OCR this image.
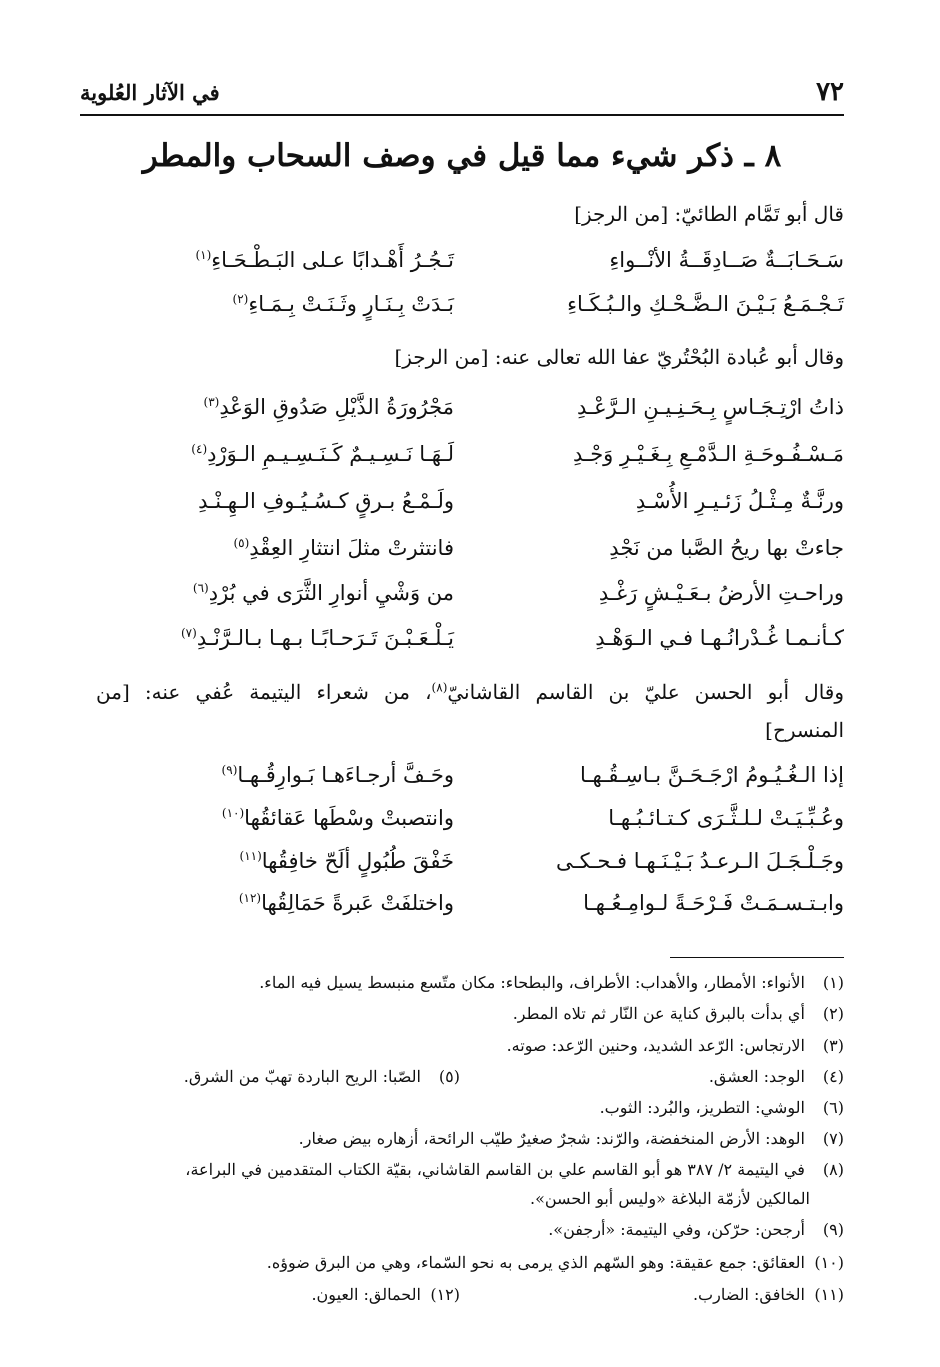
٧٢
في الآثار العُلوية
٨ ـ ذكر شيء مما قيل في وصف السحاب والمطر
قال أبو تَمَّام الطائيّ: [من الرجز]
سَـحَـابَــةٌ صَــادِقَــةُ الأنْــواءِ
تَـجُـرُ أَهْـدابًا عـلى البَـطْـحَـاءِ$^{(١)}$
تَـجْـمَـعُ بَـيْـنَ الـضَّـحْـكِ والـبُـكَـاءِ
بَـدَتْ بِـنَـارٍ وثَـنَـتْ بِـمَـاءِ$^{(٢)}$
وقال أبو عُبادة البُحْتُريّ عفا الله تعالى عنه: [من الرجز]
ذاتُ ارْتِـجَـاسٍ بِـحَـنِـيـنِ الـرَّعْـدِ
مَجْرُورَةُ الذَّيْلِ صَدُوقِ الوَعْدِ$^{(٣)}$
مَـسْـفُـوحَـةِ الـدَّمْـعِ بِـغَـيْـرِ وَجْـدِ
لَـهَـا نَـسِـيـمٌ كَـنَـسِـيـمِ الـوَرْدِ$^{(٤)}$
ورنَّـةٌ مِـثْـلُ زَئـيـرِ الأُسْـدِ
ولَـمْـعُ بـرقٍ كـسُـيُـوفِ الـهِـنْـدِ
جاءتْ بها ريحُ الصَّبا من نَجْدِ
فانتثرتْ مثلَ انتثارِ العِقْدِ$^{(٥)}$
وراحـتِ الأرضُ بـعَـيْـشٍ رَغْـدِ
من وَشْيِ أنوارِ الثَّرَى في بُرْدِ$^{(٦)}$
كـأنـمـا غُـدْرانُـهـا فـي الـوَهْـدِ
يَـلْـعَـبْـنَ تَـرَحـابًـا بـهـا بـالـرَّنْـدِ$^{(٧)}$
وقال أبو الحسن عليّ بن القاسم القاشانيّ$^{(٨)}$، من شعراء اليتيمة عُفي عنه: [من
المنسرح]
إذا الـغُـيُـومُ ارْجَـحَـنَّ بـاسِـقُـهـا
وحَـفَّ أرجـاءَهـا بَـوارِقُـهـا$^{(٩)}$
وعُـبِّـيَـتْ لـلـثَّـرَى كـتـائـبُـهـا
وانتصبتْ وسْطَها عَقائقُها$^{(١٠)}$
وجَـلْـجَـلَ الـرعـدُ بَـيْـنَـهـا فـحـكـى
خَفْقَ طُبُولٍ ألَحّ خافِقُها$^{(١١)}$
وابـتـسـمَـتْ فَـرْحَـةً لـوامِـعُـهـا
واختلفَتْ عَبرةً حَمَالِقُها$^{(١٢)}$
(١) الأنواء: الأمطار، والأهداب: الأطراف، والبطحاء: مكان متّسع منبسط يسيل فيه الماء.
(٢) أي بدأت بالبرق كناية عن النّار ثم تلاه المطر.
(٣) الارتجاس: الرّعد الشديد، وحنين الرّعد: صوته.
(٤) الوجد: العشق.
(٥) الصّبا: الريح الباردة تهبّ من الشرق.
(٦) الوشي: التطريز، والبُرد: الثوب.
(٧) الوهد: الأرض المنخفضة، والرّند: شجرٌ صغيرٌ طيّب الرائحة، أزهاره بيض صغار.
(٨) في اليتيمة ٢/ ٣٨٧ هو أبو القاسم علي بن القاسم القاشاني، بقيّة الكتاب المتقدمين في البراعة،
المالكين لأزمّة البلاغة «وليس أبو الحسن».
(٩) أرجحن: حرّكن، وفي اليتيمة: «أرجفن».
(١٠) العقائق: جمع عقيقة: وهو السّهم الذي يرمى به نحو السّماء، وهي من البرق ضوؤه.
(١١) الخافق: الضارب.
(١٢) الحمالق: العيون.
